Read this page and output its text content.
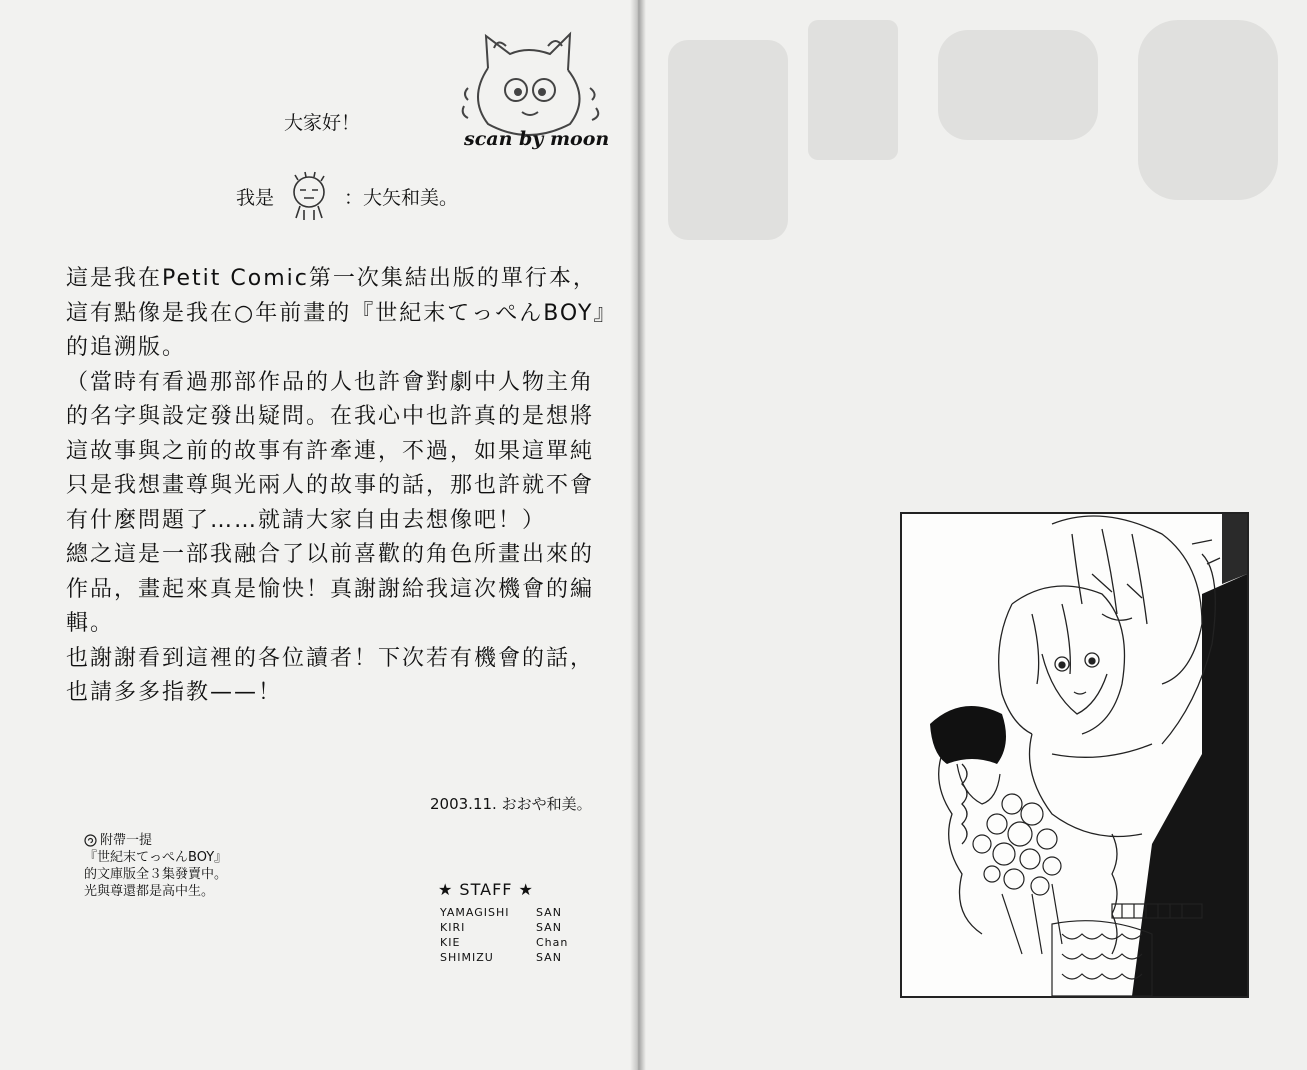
scan by moon
大家好！
我是	：大矢和美。
這是我在Petit Comic第一次集結出版的單行本，
這有點像是我在○年前畫的『世紀末てっぺんBOY』
的追溯版。
（當時有看過那部作品的人也許會對劇中人物主角
的名字與設定發出疑問。在我心中也許真的是想將
這故事與之前的故事有許牽連，不過，如果這單純
只是我想畫尊與光兩人的故事的話，那也許就不會
有什麼問題了……就請大家自由去想像吧！）
總之這是一部我融合了以前喜歡的角色所畫出來的
作品，畫起來真是愉快！真謝謝給我這次機會的編
輯。
也謝謝看到這裡的各位讀者！下次若有機會的話，
也請多多指教——！
2003.11. おおや和美。
附帶一提
『世紀末てっぺんBOY』
的文庫版全３集發賣中。
光與尊還都是高中生。	★ STAFF ★
YAMAGISHI	SAN
KIRI	SAN
KIE	Chan
SHIMIZU	SAN
